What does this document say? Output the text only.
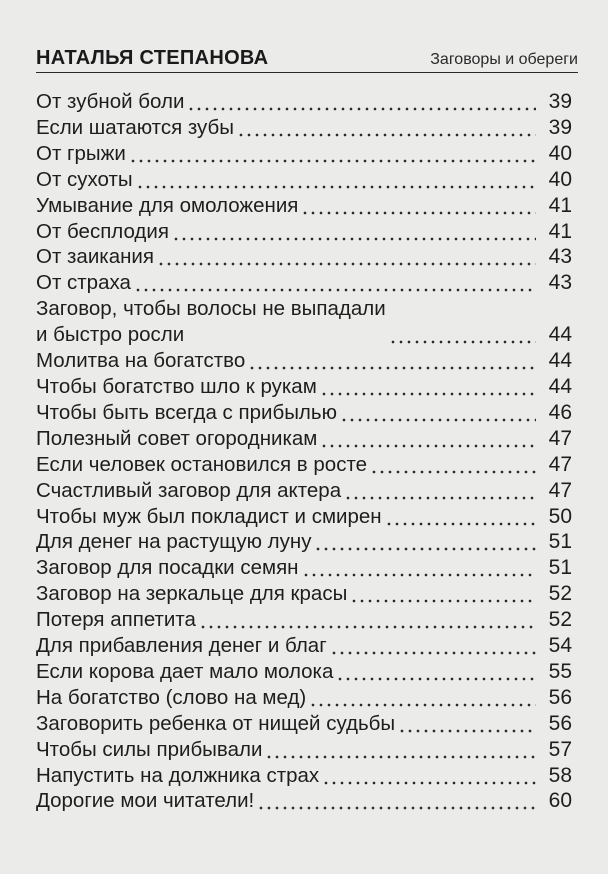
НАТАЛЬЯ СТЕПАНОВА	Заговоры и обереги
От зубной боли	39
Если шатаются зубы	39
От грыжи	40
От сухоты	40
Умывание для омоложения	41
От бесплодия	41
От заикания	43
От страха	43
Заговор, чтобы волосы не выпадали
и быстро росли	44
Молитва на богатство	44
Чтобы богатство шло к рукам	44
Чтобы быть всегда с прибылью	46
Полезный совет огородникам	47
Если человек остановился в росте	47
Счастливый заговор для актера	47
Чтобы муж был покладист и смирен	50
Для денег на растущую луну	51
Заговор для посадки семян	51
Заговор на зеркальце для красы	52
Потеря аппетита	52
Для прибавления денег и благ	54
Если корова дает мало молока	55
На богатство (слово на мед)	56
Заговорить ребенка от нищей судьбы	56
Чтобы силы прибывали	57
Напустить на должника страх	58
Дорогие мои читатели!	60
